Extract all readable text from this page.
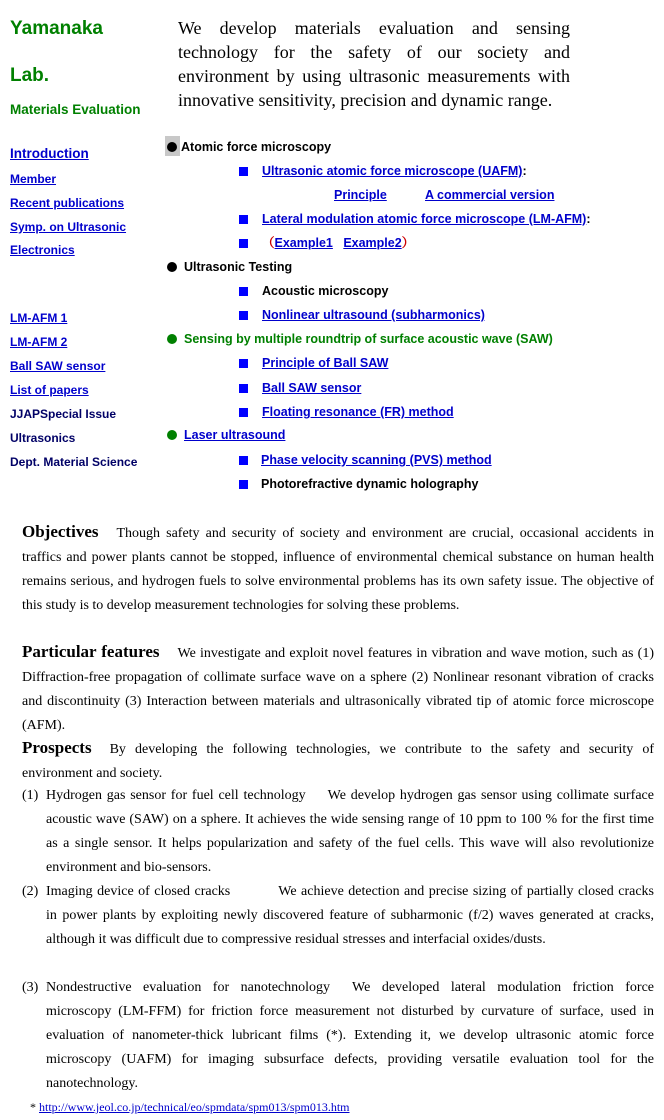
Yamanaka
Lab.
Materials Evaluation
Introduction
Member
Recent publications
Symp. on Ultrasonic
Electronics
LM-AFM 1
LM-AFM 2
Ball SAW sensor
List of papers
JJAPSpecial Issue
Ultrasonics
Dept. Material Science

We develop materials evaluation and sensing technology for the safety of our society and environment by using ultrasonic measurements with innovative sensitivity, precision and dynamic range.

Atomic force microscopy
Ultrasonic atomic force microscope (UAFM):
Principle	A commercial version
Lateral modulation atomic force microscope (LM-AFM):
（Example1 Example2）
Ultrasonic Testing
Acoustic microscopy
Nonlinear ultrasound (subharmonics)
Sensing by multiple roundtrip of surface acoustic wave (SAW)
Principle of Ball SAW
Ball SAW sensor
Floating resonance (FR) method
Laser ultrasound
Phase velocity scanning (PVS) method
Photorefractive dynamic holography

Objectives Though safety and security of society and environment are crucial, occasional accidents in traffics and power plants cannot be stopped, influence of environmental chemical substance on human health remains serious, and hydrogen fuels to solve environmental problems has its own safety issue. The objective of this study is to develop measurement technologies for solving these problems.

Particular features We investigate and exploit novel features in vibration and wave motion, such as (1) Diffraction-free propagation of collimate surface wave on a sphere (2) Nonlinear resonant vibration of cracks and discontinuity (3) Interaction between materials and ultrasonically vibrated tip of atomic force microscope (AFM).

Prospects By developing the following technologies, we contribute to the safety and security of environment and society.

(1) Hydrogen gas sensor for fuel cell technology We develop hydrogen gas sensor using collimate surface acoustic wave (SAW) on a sphere. It achieves the wide sensing range of 10 ppm to 100 % for the first time as a single sensor. It helps popularization and safety of the fuel cells. This wave will also revolutionize environment and bio-sensors.
(2) Imaging device of closed cracks	We achieve detection and precise sizing of partially closed cracks in power plants by exploiting newly discovered feature of subharmonic (f/2) waves generated at cracks, although it was difficult due to compressive residual stresses and interfacial oxides/dusts.
(3) Nondestructive evaluation for nanotechnology We developed lateral modulation friction force microscopy (LM-FFM) for friction force measurement not disturbed by curvature of surface, used in evaluation of nanometer-thick lubricant films (*). Extending it, we develop ultrasonic atomic force microscopy (UAFM) for imaging subsurface defects, providing versatile evaluation tool for the nanotechnology.
* http://www.jeol.co.jp/technical/eo/spmdata/spm013/spm013.htm
